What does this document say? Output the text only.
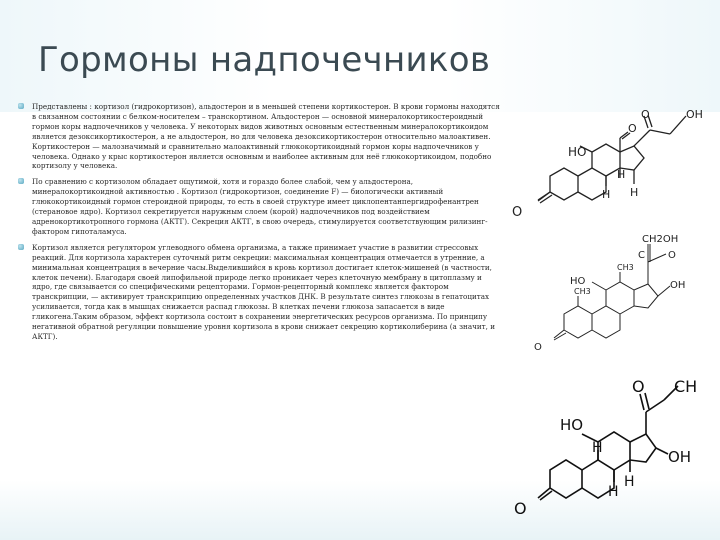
Гормоны надпочечников

Представлены : кортизол (гидрокортизон), альдостерон и в меньшей степени кортикостерон. В крови гормоны находятся в связанном состоянии с белком-носителем – транскортином. Альдостерон — основной минералокортикостероидный гормон коры надпочечников у человека. У некоторых видов животных основным естественным минералокортикоидом является дезоксикортикостерон, а не альдостерон, но для человека дезоксикортикостерон относительно малоактивен. Кортикостерон — малозначимый и сравнительно малоактивный глюкокортикоидный гормон коры надпочечников у человека. Однако у крыс кортикостерон является основным и наиболее активным для неё глюкокортикоидом, подобно кортизолу у человека.

По сравнению с кортизолом обладает ощутимой, хотя и гораздо более слабой, чем у альдостерона, минералокортикоидной активностью . Кортизол (гидрокортизон, соединение F) — биологически активный глюкокортикоидный гормон стероидной природы, то есть в своей структуре имеет циклопентанпергидрофенантрен (стерановое ядро). Кортизол секретируется наружным слоем (корой) надпочечников под воздействием адренокортикотропного гормона (АКТГ). Секреция АКТГ, в свою очередь, стимулируется соответствующим рилизинг-фактором гипоталамуса.

Кортизол является регулятором углеводного обмена организма, а также принимает участие в развитии стрессовых реакций. Для кортизола характерен суточный ритм секреции: максимальная концентрация отмечается в утренние, а минимальная концентрация в вечерние часы.Выделившийся в кровь кортизол достигает клеток-мишеней (в частности, клеток печени). Благодаря своей липофильной природе легко проникает через клеточную мембрану в цитоплазму и ядро, где связывается со специфическими рецепторами. Гормон-рецепторный комплекс является фактором транскрипции, — активирует транскрипцию определенных участков ДНК. В результате синтез глюкозы в гепатоцитах усиливается, тогда как в мышцах снижается распад глюкозы. В клетках печени глюкоза запасается в виде гликогена.Таким образом, эффект кортизола состоит в сохранении энергетических ресурсов организма. По принципу негативной обратной регуляции повышение уровня кортизола в крови снижает секрецию кортиколиберина (а значит, и АКТГ).

O
HO
O
O	OH
H
H
H
O
CH3
CH3
HO
CH2OH
C O
OH
O
HO
O CH
OH
H
H
H
